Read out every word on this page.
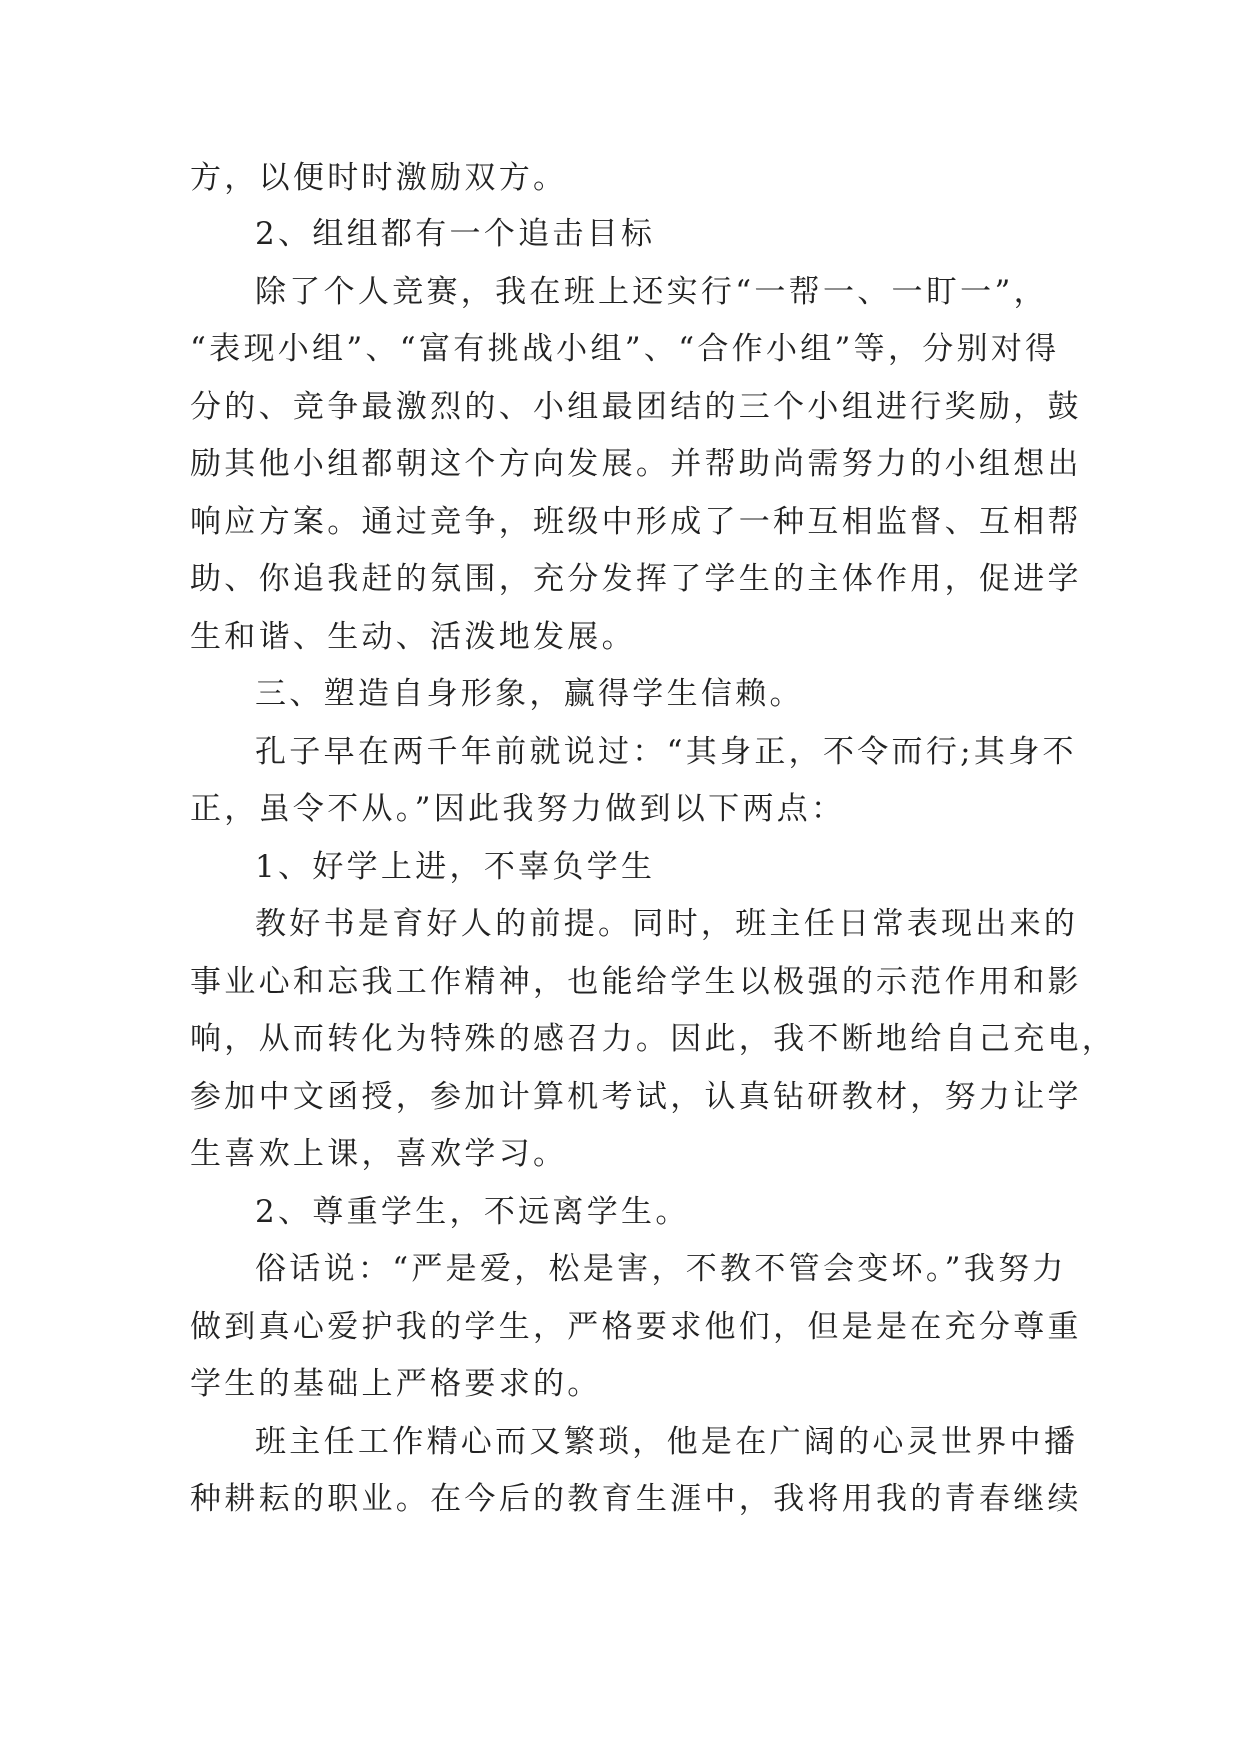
方，以便时时激励双方。
2、组组都有一个追击目标
除了个人竞赛，我在班上还实行“一帮一、一盯一”，
“表现小组”、“富有挑战小组”、“合作小组”等，分别对得
分的、竞争最激烈的、小组最团结的三个小组进行奖励，鼓
励其他小组都朝这个方向发展。并帮助尚需努力的小组想出
响应方案。通过竞争，班级中形成了一种互相监督、互相帮
助、你追我赶的氛围，充分发挥了学生的主体作用，促进学
生和谐、生动、活泼地发展。
三、塑造自身形象，赢得学生信赖。
孔子早在两千年前就说过：“其身正，不令而行;其身不
正，虽令不从。”因此我努力做到以下两点：
1、好学上进，不辜负学生
教好书是育好人的前提。同时，班主任日常表现出来的
事业心和忘我工作精神，也能给学生以极强的示范作用和影
响，从而转化为特殊的感召力。因此，我不断地给自己充电，
参加中文函授，参加计算机考试，认真钻研教材，努力让学
生喜欢上课，喜欢学习。
2、尊重学生，不远离学生。
俗话说：“严是爱，松是害，不教不管会变坏。”我努力
做到真心爱护我的学生，严格要求他们，但是是在充分尊重
学生的基础上严格要求的。
班主任工作精心而又繁琐，他是在广阔的心灵世界中播
种耕耘的职业。在今后的教育生涯中，我将用我的青春继续
